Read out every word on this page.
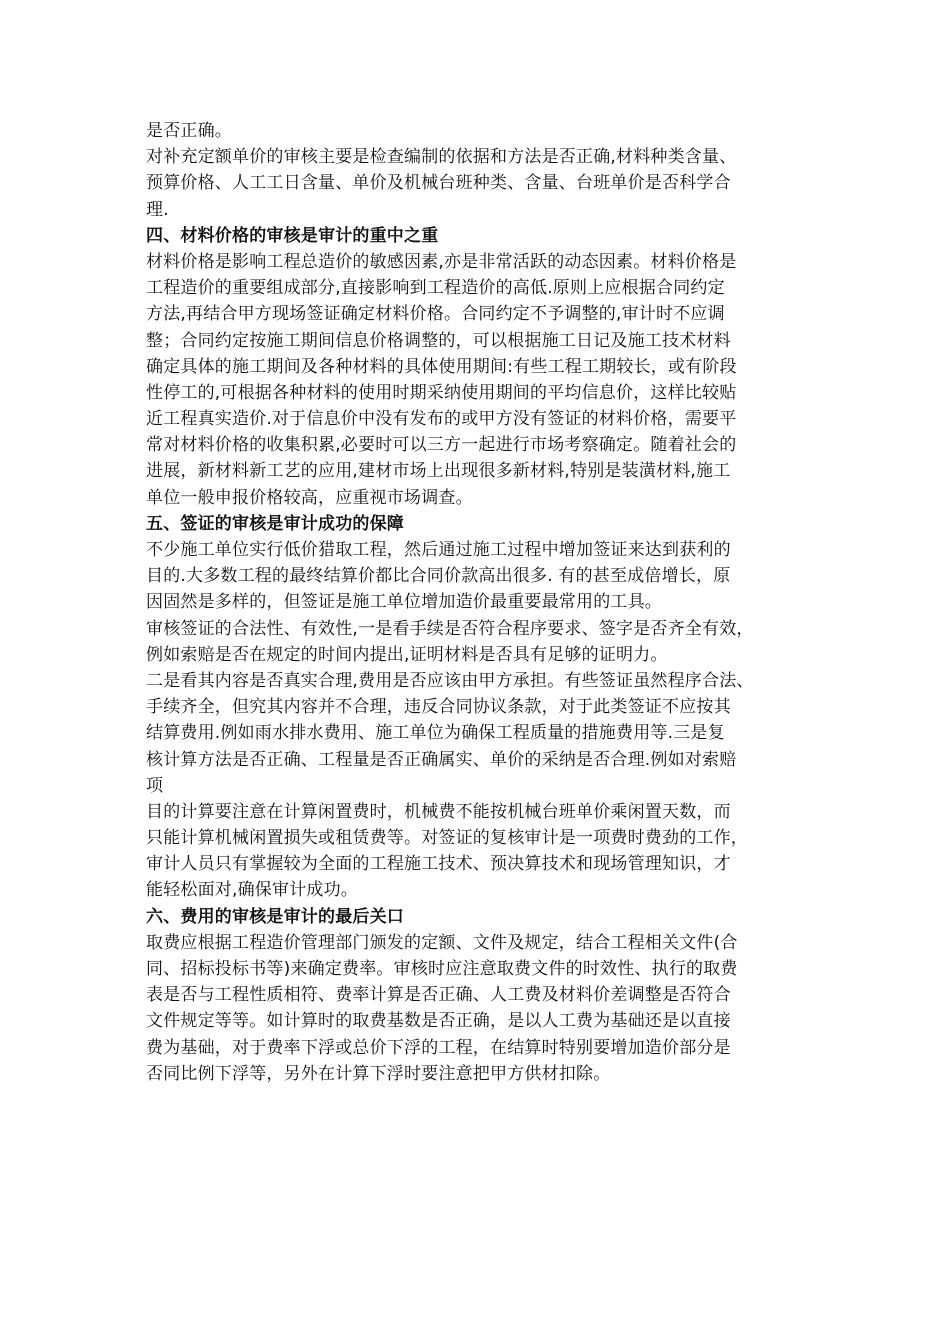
是否正确。
对补充定额单价的审核主要是检查编制的依据和方法是否正确,材料种类含量、
预算价格、人工工日含量、单价及机械台班种类、含量、台班单价是否科学合
理.
四、材料价格的审核是审计的重中之重
材料价格是影响工程总造价的敏感因素,亦是非常活跃的动态因素。材料价格是
工程造价的重要组成部分,直接影响到工程造价的高低.原则上应根据合同约定
方法,再结合甲方现场签证确定材料价格。合同约定不予调整的,审计时不应调
整；合同约定按施工期间信息价格调整的，可以根据施工日记及施工技术材料
确定具体的施工期间及各种材料的具体使用期间:有些工程工期较长，或有阶段
性停工的,可根据各种材料的使用时期采纳使用期间的平均信息价，这样比较贴
近工程真实造价.对于信息价中没有发布的或甲方没有签证的材料价格，需要平
常对材料价格的收集积累,必要时可以三方一起进行市场考察确定。随着社会的
进展，新材料新工艺的应用,建材市场上出现很多新材料,特别是装潢材料,施工
单位一般申报价格较高，应重视市场调查。
五、签证的审核是审计成功的保障
不少施工单位实行低价猎取工程，然后通过施工过程中增加签证来达到获利的
目的.大多数工程的最终结算价都比合同价款高出很多. 有的甚至成倍增长，原
因固然是多样的，但签证是施工单位增加造价最重要最常用的工具。
审核签证的合法性、有效性,一是看手续是否符合程序要求、签字是否齐全有效，
例如索赔是否在规定的时间内提出,证明材料是否具有足够的证明力。
二是看其内容是否真实合理,费用是否应该由甲方承担。有些签证虽然程序合法、
手续齐全，但究其内容并不合理，违反合同协议条款，对于此类签证不应按其
结算费用.例如雨水排水费用、施工单位为确保工程质量的措施费用等.三是复
核计算方法是否正确、工程量是否正确属实、单价的采纳是否合理.例如对索赔
项
目的计算要注意在计算闲置费时，机械费不能按机械台班单价乘闲置天数，而
只能计算机械闲置损失或租赁费等。对签证的复核审计是一项费时费劲的工作，
审计人员只有掌握较为全面的工程施工技术、预决算技术和现场管理知识，才
能轻松面对,确保审计成功。
六、费用的审核是审计的最后关口
取费应根据工程造价管理部门颁发的定额、文件及规定，结合工程相关文件(合
同、招标投标书等)来确定费率。审核时应注意取费文件的时效性、执行的取费
表是否与工程性质相符、费率计算是否正确、人工费及材料价差调整是否符合
文件规定等等。如计算时的取费基数是否正确，是以人工费为基础还是以直接
费为基础，对于费率下浮或总价下浮的工程，在结算时特别要增加造价部分是
否同比例下浮等，另外在计算下浮时要注意把甲方供材扣除。
